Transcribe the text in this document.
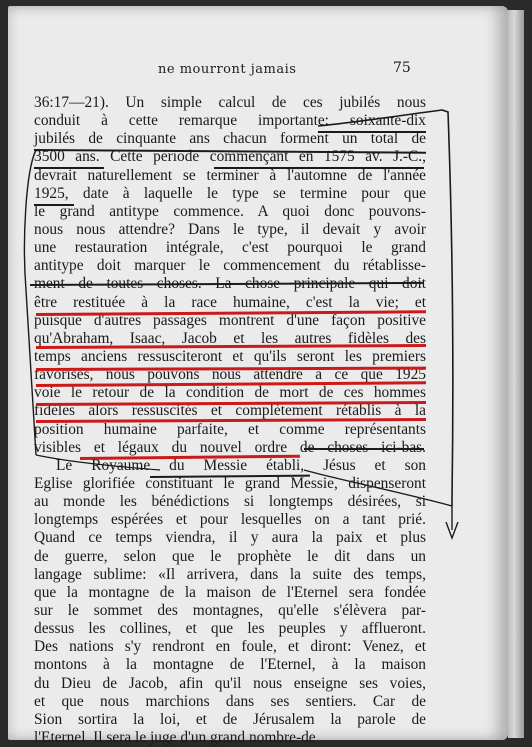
ne mourront jamais	75
36:17—21). Un simple calcul de ces jubilés nous
conduit à cette remarque importante: soixante-dix
jubilés de cinquante ans chacun forment un total de
3500 ans. Cette période commençant en 1575 av. J.-C.,
devrait naturellement se terminer à l'automne de l'année
1925, date à laquelle le type se termine pour que
le grand antitype commence. A quoi donc pouvons-
nous nous attendre? Dans le type, il devait y avoir
une restauration intégrale, c'est pourquoi le grand
antitype doit marquer le commencement du rétablisse-
ment de toutes choses. La chose principale qui doit
être restituée à la race humaine, c'est la vie; et
puisque d'autres passages montrent d'une façon positive
qu'Abraham, Isaac, Jacob et les autres fidèles des
temps anciens ressusciteront et qu'ils seront les premiers
favorisés, nous pouvons nous attendre à ce que 1925
voie le retour de la condition de mort de ces hommes
fidèles alors ressuscités et complètement rétablis à la
position humaine parfaite, et comme représentants
visibles et légaux du nouvel ordre de choses ici-bas.
Le Royaume du Messie établi, Jésus et son
Eglise glorifiée constituant le grand Messie, dispenseront
au monde les bénédictions si longtemps désirées, si
longtemps espérées et pour lesquelles on a tant prié.
Quand ce temps viendra, il y aura la paix et plus
de guerre, selon que le prophète le dit dans un
langage sublime: «Il arrivera, dans la suite des temps,
que la montagne de la maison de l'Eternel sera fondée
sur le sommet des montagnes, qu'elle s'élèvera par-
dessus les collines, et que les peuples y afflueront.
Des nations s'y rendront en foule, et diront: Venez, et
montons à la montagne de l'Eternel, à la maison
du Dieu de Jacob, afin qu'il nous enseigne ses voies,
et que nous marchions dans ses sentiers. Car de
Sion sortira la loi, et de Jérusalem la parole de
l'Eternel. Il sera le juge d'un grand nombre-de
